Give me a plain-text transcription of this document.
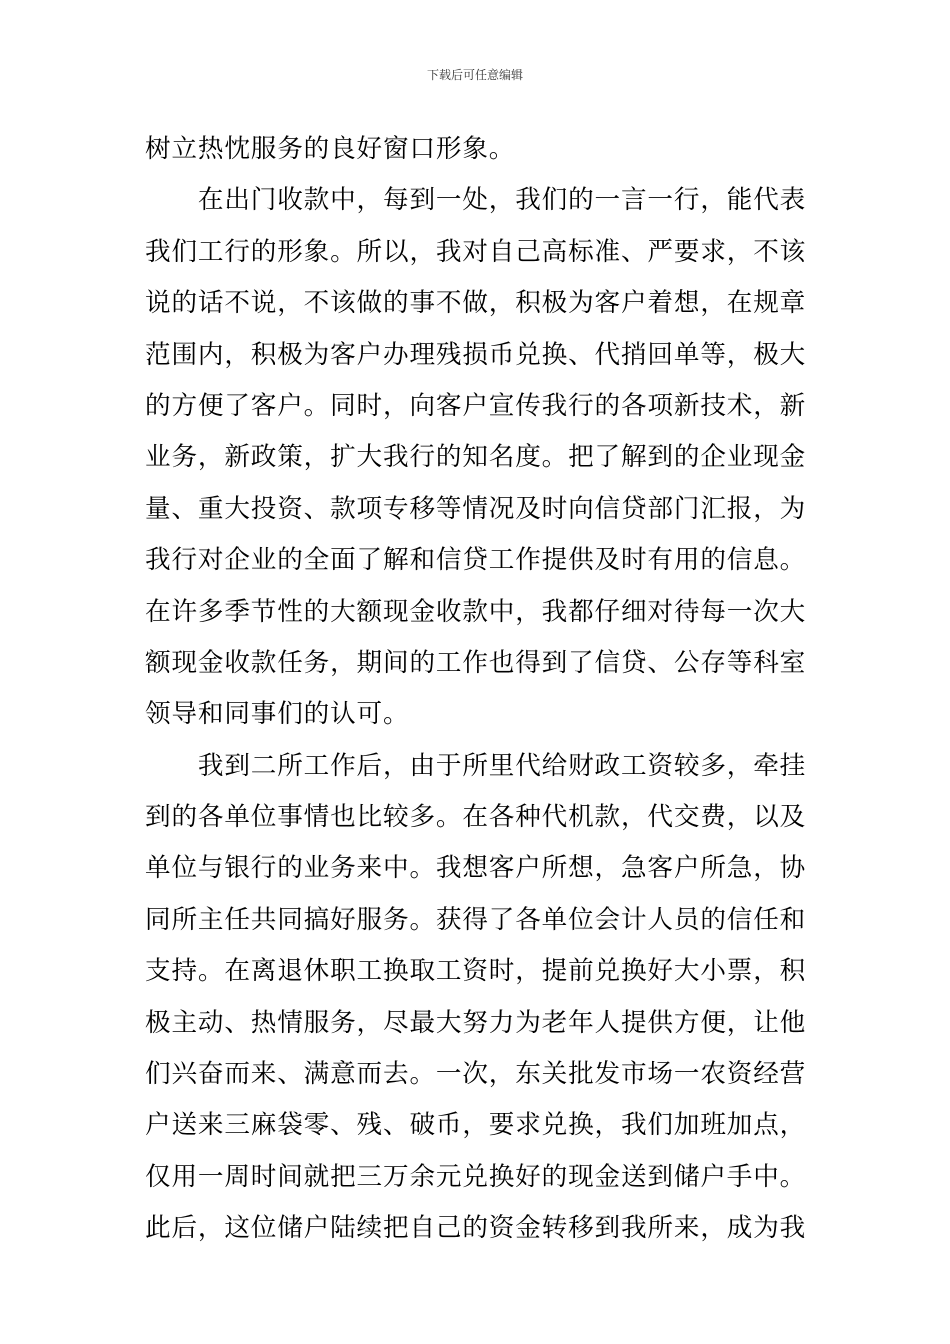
下载后可任意编辑
树立热忱服务的良好窗口形象。
　　在出门收款中，每到一处，我们的一言一行，能代表
我们工行的形象。所以，我对自己高标准、严要求，不该
说的话不说，不该做的事不做，积极为客户着想，在规章
范围内，积极为客户办理残损币兑换、代捎回单等，极大
的方便了客户。同时，向客户宣传我行的各项新技术，新
业务，新政策，扩大我行的知名度。把了解到的企业现金
量、重大投资、款项专移等情况及时向信贷部门汇报，为
我行对企业的全面了解和信贷工作提供及时有用的信息。
在许多季节性的大额现金收款中，我都仔细对待每一次大
额现金收款任务，期间的工作也得到了信贷、公存等科室
领导和同事们的认可。
　　我到二所工作后，由于所里代给财政工资较多，牵挂
到的各单位事情也比较多。在各种代机款，代交费，以及
单位与银行的业务来中。我想客户所想，急客户所急，协
同所主任共同搞好服务。获得了各单位会计人员的信任和
支持。在离退休职工换取工资时，提前兑换好大小票，积
极主动、热情服务，尽最大努力为老年人提供方便，让他
们兴奋而来、满意而去。一次，东关批发市场一农资经营
户送来三麻袋零、残、破币，要求兑换，我们加班加点，
仅用一周时间就把三万余元兑换好的现金送到储户手中。
此后，这位储户陆续把自己的资金转移到我所来，成为我
